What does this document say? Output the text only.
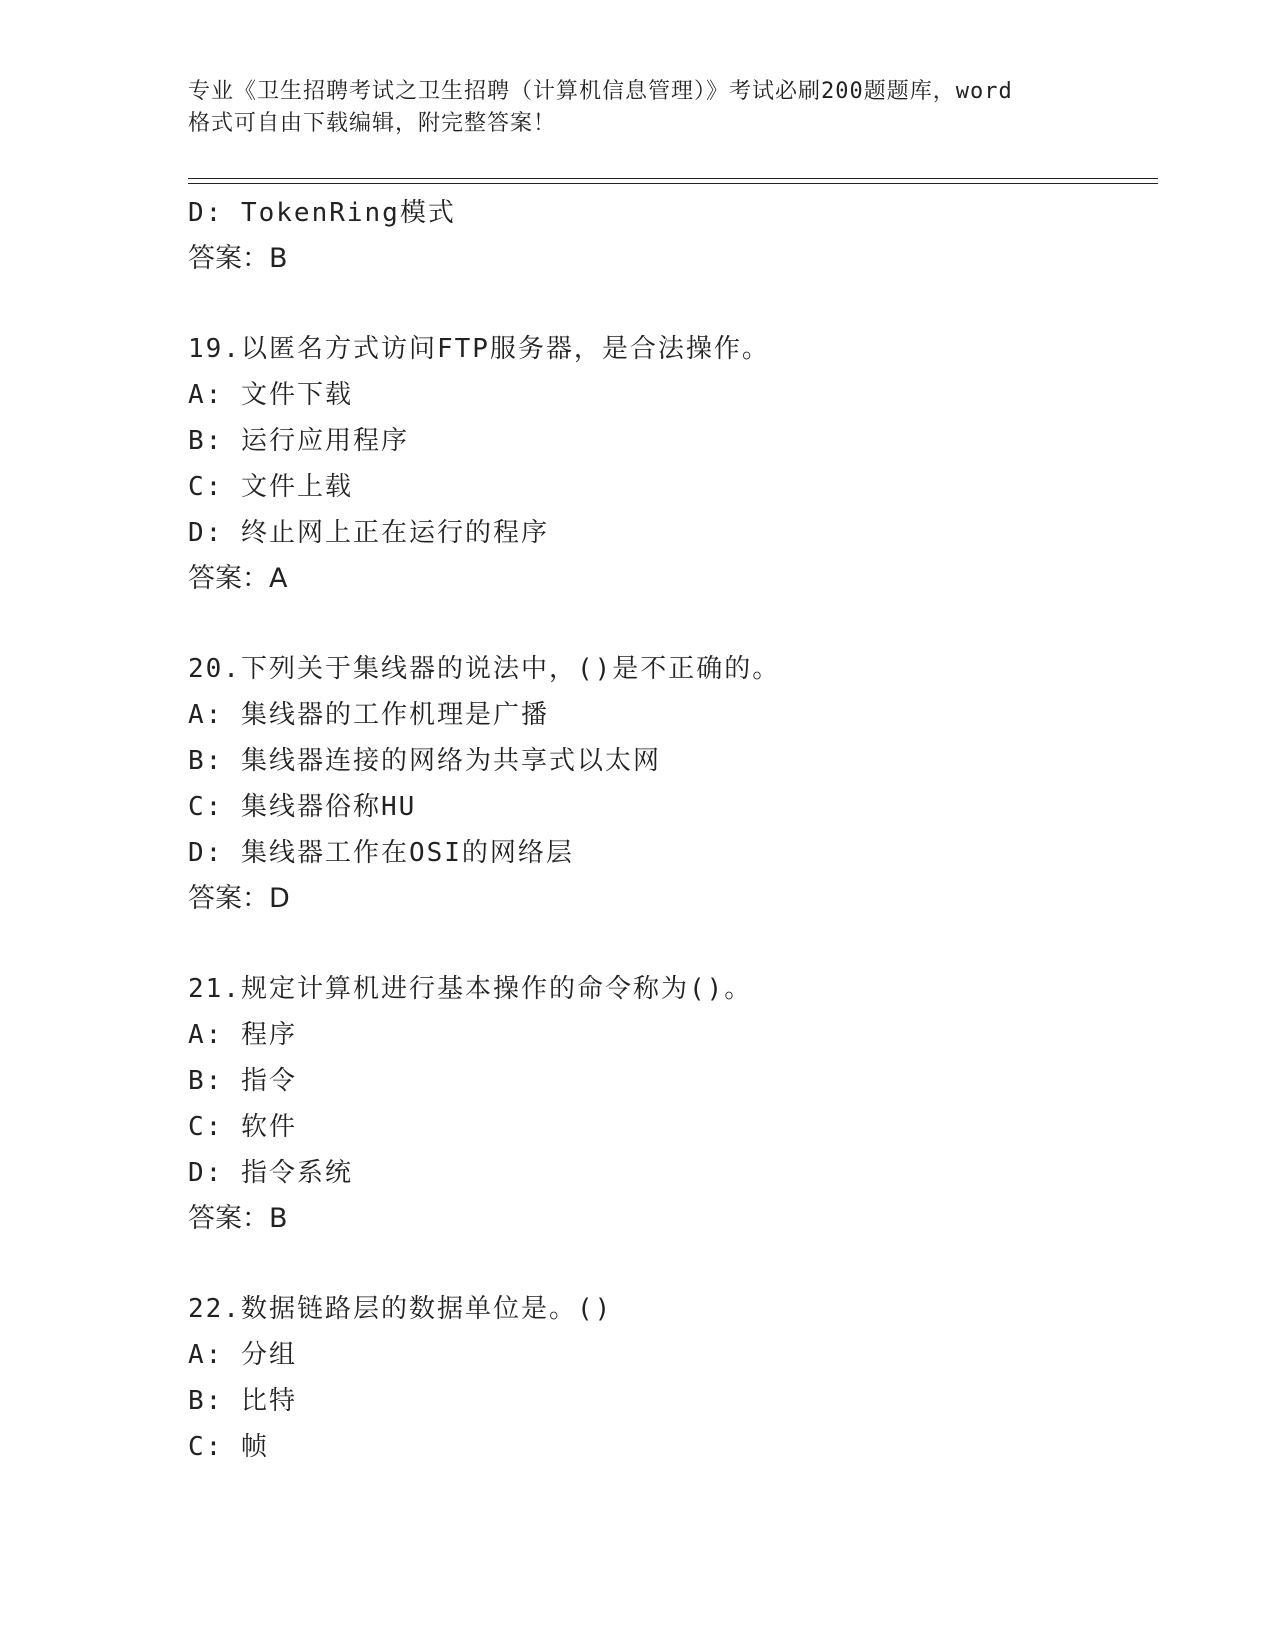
专业《卫生招聘考试之卫生招聘（计算机信息管理）》考试必刷200题题库，word
格式可自由下载编辑，附完整答案！
D: TokenRing模式
答案：B
19.以匿名方式访问FTP服务器，是合法操作。
A: 文件下载
B: 运行应用程序
C: 文件上载
D: 终止网上正在运行的程序
答案：A
20.下列关于集线器的说法中，()是不正确的。
A: 集线器的工作机理是广播
B: 集线器连接的网络为共享式以太网
C: 集线器俗称HU
D: 集线器工作在OSI的网络层
答案：D
21.规定计算机进行基本操作的命令称为()。
A: 程序
B: 指令
C: 软件
D: 指令系统
答案：B
22.数据链路层的数据单位是。()
A: 分组
B: 比特
C: 帧
